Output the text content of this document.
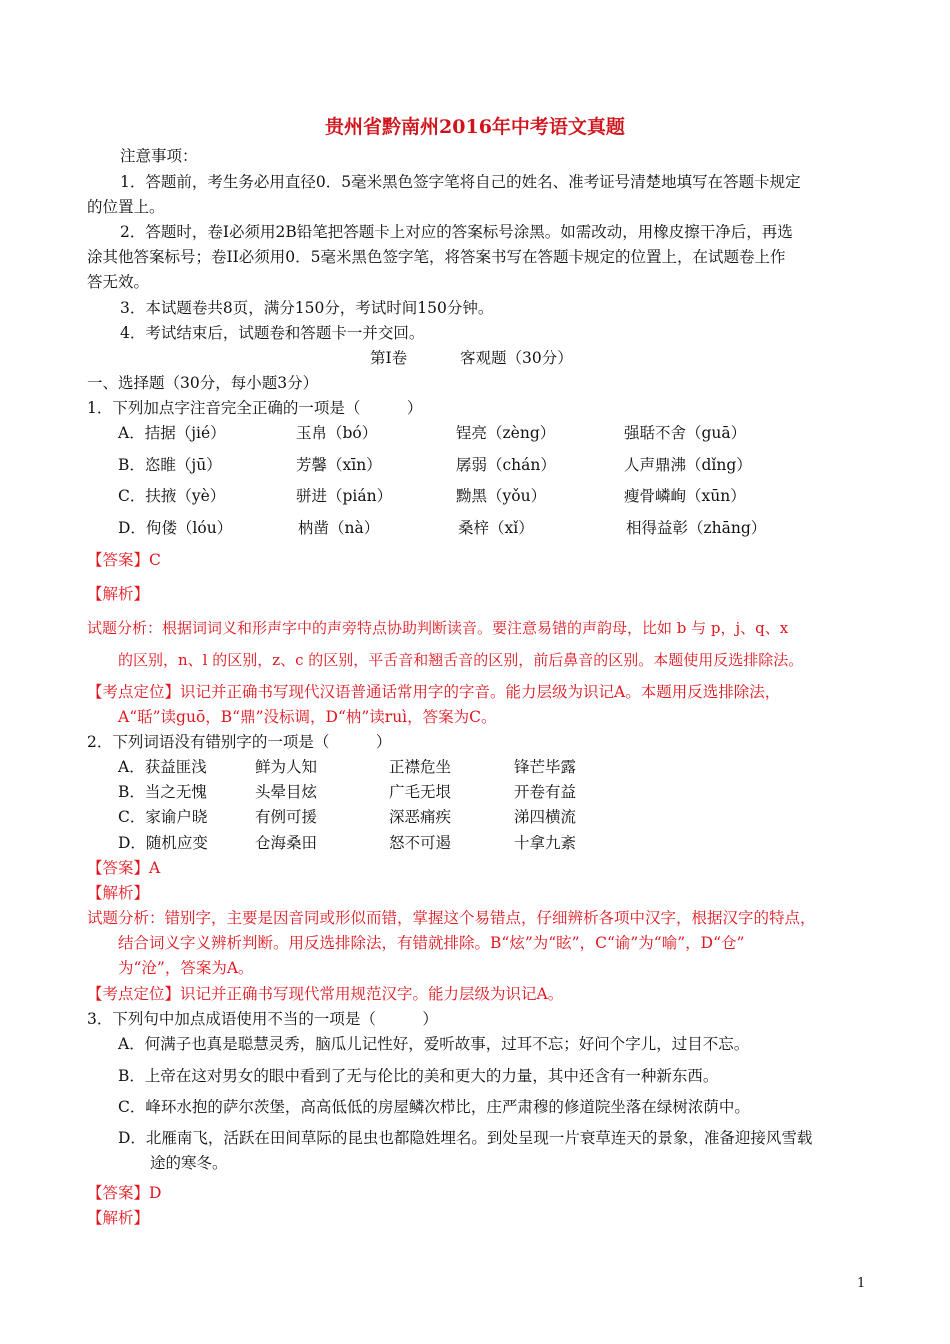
贵州省黔南州2016年中考语文真题
注意事项：
1．答题前，考生务必用直径0．5毫米黑色签字笔将自己的姓名、准考证号清楚地填写在答题卡规定
的位置上。
2．答题时，卷I必须用2B铅笔把答题卡上对应的答案标号涂黑。如需改动，用橡皮擦干净后，再选
涂其他答案标号；卷II必须用0．5毫米黑色签字笔，将答案书写在答题卡规定的位置上，在试题卷上作
答无效。
3．本试题卷共8页，满分150分，考试时间150分钟。
4．考试结束后，试题卷和答题卡一并交回。
第Ⅰ卷	客观题（30分）
一、选择题（30分，每小题3分）
1．下列加点字注音完全正确的一项是（　　　）
A．拮据（jié）	玉帛（bó）	锃亮（zèng）	强聒不舍（guā）
B．恣睢（jū）	芳馨（xīn）	孱弱（chán）	人声鼎沸（dǐng）
C．扶掖（yè）	骈进（pián）	黝黑（yǒu）	瘦骨嶙峋（xūn）
D．佝偻（lóu）	枘凿（nà）	桑梓（xǐ）	相得益彰（zhāng）
【答案】C
【解析】
试题分析：根据词词义和形声字中的声旁特点协助判断读音。要注意易错的声韵母，比如 b 与 p，j、q、x
的区别，n、l 的区别，z、c 的区别，平舌音和翘舌音的区别，前后鼻音的区别。本题使用反选排除法。
【考点定位】识记并正确书写现代汉语普通话常用字的字音。能力层级为识记A。本题用反选排除法，
A“聒”读guō，B“鼎”没标调，D“枘”读ruì，答案为C。
2．下列词语没有错别字的一项是（　　　）
A．获益匪浅	鲜为人知	正襟危坐	锋芒毕露
B．当之无愧	头晕目炫	广毛无垠	开卷有益
C．家谕户晓	有例可援	深恶痛疾	涕四横流
D．随机应变	仓海桑田	怒不可遏	十拿九紊
【答案】A
【解析】
试题分析：错别字，主要是因音同或形似而错，掌握这个易错点，仔细辨析各项中汉字，根据汉字的特点，
结合词义字义辨析判断。用反选排除法，有错就排除。B“炫”为“眩”，C“谕”为“喻”，D“仓”
为“沧”，答案为A。
【考点定位】识记并正确书写现代常用规范汉字。能力层级为识记A。
3．下列句中加点成语使用不当的一项是（　　　）
A．何满子也真是聪慧灵秀，脑瓜儿记性好，爱听故事，过耳不忘；好问个字儿，过目不忘。
B．上帝在这对男女的眼中看到了无与伦比的美和更大的力量，其中还含有一种新东西。
C．峰环水抱的萨尔茨堡，高高低低的房屋鳞次栉比，庄严肃穆的修道院坐落在绿树浓荫中。
D．北雁南飞，活跃在田间草际的昆虫也都隐姓埋名。到处呈现一片衰草连天的景象，准备迎接风雪载
途的寒冬。
【答案】D
【解析】
1
